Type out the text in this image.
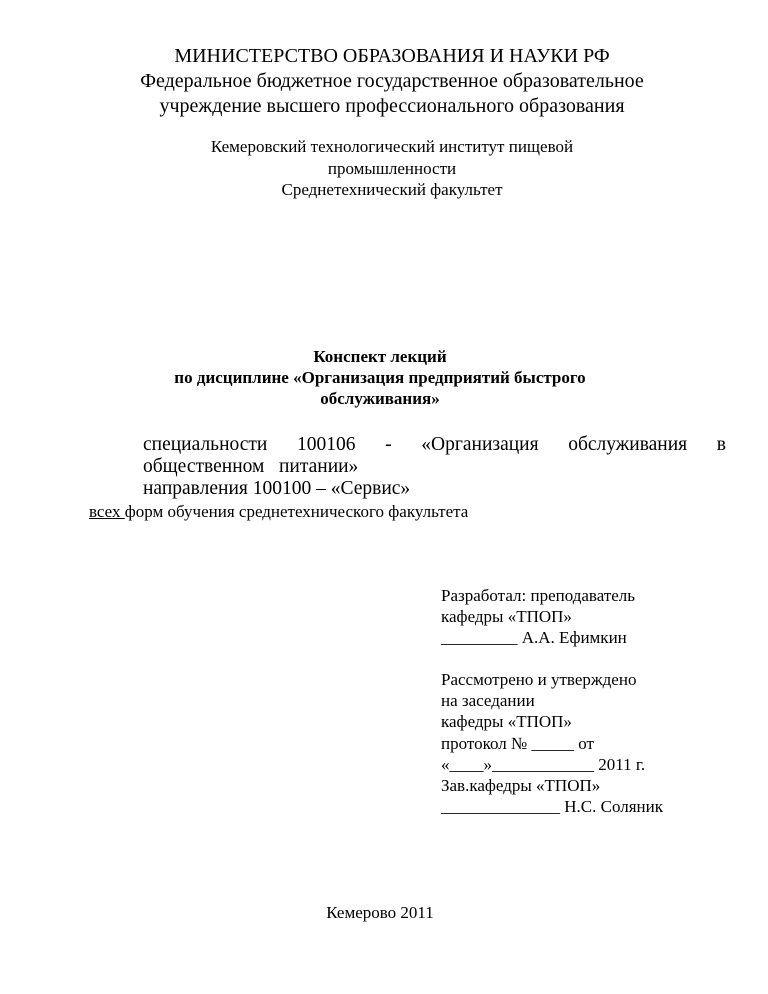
МИНИСТЕРСТВО ОБРАЗОВАНИЯ И НАУКИ РФ
Федеральное бюджетное государственное образовательное
учреждение высшего профессионального образования
Кемеровский технологический институт пищевой
промышленности
Среднетехнический факультет
Конспект лекций
по дисциплине «Организация предприятий быстрого
обслуживания»
специальности 100106 - «Организация обслуживания в
общественном   питании»
направления 100100 – «Сервис»
всех форм обучения среднетехнического факультета
Разработал: преподаватель
кафедры «ТПОП»
_________ А.А. Ефимкин
Рассмотрено и утверждено
на заседании
кафедры «ТПОП»
протокол № _____ от
«____»____________ 2011 г.
Зав.кафедры «ТПОП»
______________ Н.С. Соляник
Кемерово 2011
